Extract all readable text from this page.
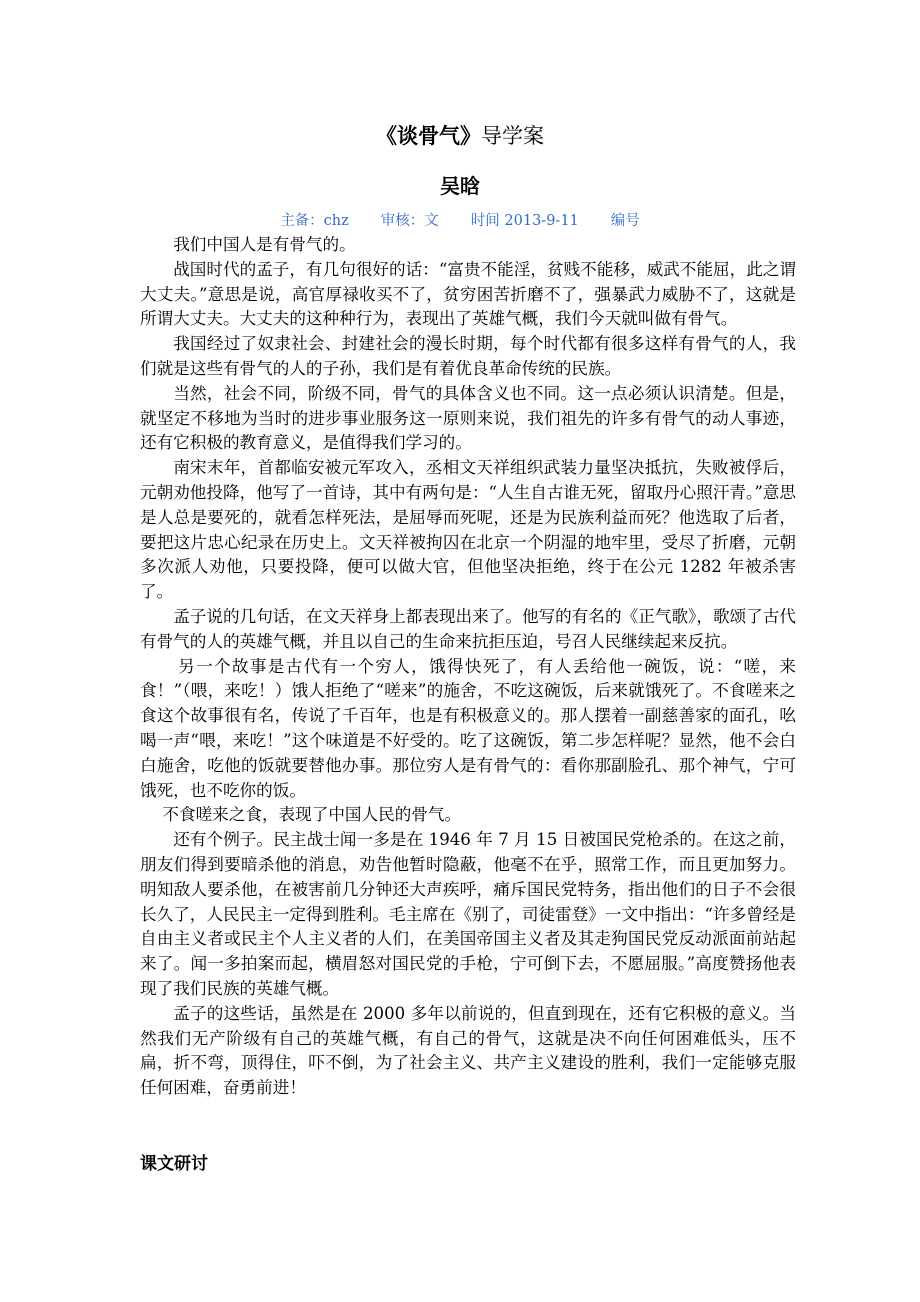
《谈骨气》导学案
吴晗
主备：chz 审核：文 时间 2013-9-11 编号

我们中国人是有骨气的。

战国时代的孟子，有几句很好的话：“富贵不能淫，贫贱不能移，威武不能屈，此之谓大丈夫。”意思是说，高官厚禄收买不了，贫穷困苦折磨不了，强暴武力威胁不了，这就是所谓大丈夫。大丈夫的这种种行为，表现出了英雄气概，我们今天就叫做有骨气。

我国经过了奴隶社会、封建社会的漫长时期，每个时代都有很多这样有骨气的人，我们就是这些有骨气的人的子孙，我们是有着优良革命传统的民族。

当然，社会不同，阶级不同，骨气的具体含义也不同。这一点必须认识清楚。但是，就坚定不移地为当时的进步事业服务这一原则来说，我们祖先的许多有骨气的动人事迹，还有它积极的教育意义，是值得我们学习的。

南宋末年，首都临安被元军攻入，丞相文天祥组织武装力量坚决抵抗，失败被俘后，元朝劝他投降，他写了一首诗，其中有两句是：“人生自古谁无死，留取丹心照汗青。”意思是人总是要死的，就看怎样死法，是屈辱而死呢，还是为民族利益而死？他选取了后者，要把这片忠心纪录在历史上。文天祥被拘囚在北京一个阴湿的地牢里，受尽了折磨，元朝多次派人劝他，只要投降，便可以做大官，但他坚决拒绝，终于在公元 1282 年被杀害了。

孟子说的几句话，在文天祥身上都表现出来了。他写的有名的《正气歌》，歌颂了古代有骨气的人的英雄气概，并且以自己的生命来抗拒压迫，号召人民继续起来反抗。

另一个故事是古代有一个穷人，饿得快死了，有人丢给他一碗饭，说：“嗟，来食！”（喂，来吃！）饿人拒绝了“嗟来”的施舍，不吃这碗饭，后来就饿死了。不食嗟来之食这个故事很有名，传说了千百年，也是有积极意义的。那人摆着一副慈善家的面孔，吆喝一声“喂，来吃！”这个味道是不好受的。吃了这碗饭，第二步怎样呢？显然，他不会白白施舍，吃他的饭就要替他办事。那位穷人是有骨气的：看你那副脸孔、那个神气，宁可饿死，也不吃你的饭。

不食嗟来之食，表现了中国人民的骨气。

还有个例子。民主战士闻一多是在 1946 年 7 月 15 日被国民党枪杀的。在这之前，朋友们得到要暗杀他的消息，劝告他暂时隐蔽，他毫不在乎，照常工作，而且更加努力。明知敌人要杀他，在被害前几分钟还大声疾呼，痛斥国民党特务，指出他们的日子不会很长久了，人民民主一定得到胜利。毛主席在《别了，司徒雷登》一文中指出：“许多曾经是自由主义者或民主个人主义者的人们，在美国帝国主义者及其走狗国民党反动派面前站起来了。闻一多拍案而起，横眉怒对国民党的手枪，宁可倒下去，不愿屈服。”高度赞扬他表现了我们民族的英雄气概。

孟子的这些话，虽然是在 2000 多年以前说的，但直到现在，还有它积极的意义。当然我们无产阶级有自己的英雄气概，有自己的骨气，这就是决不向任何困难低头，压不扁，折不弯，顶得住，吓不倒，为了社会主义、共产主义建设的胜利，我们一定能够克服任何困难，奋勇前进！

课文研讨
